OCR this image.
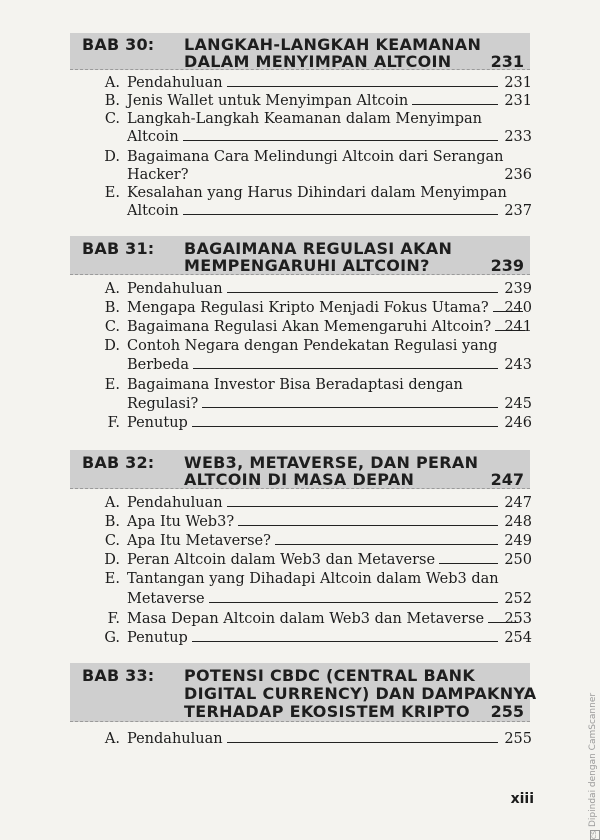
BAB 30: LANGKAH-LANGKAH KEAMANAN
DALAM MENYIMPAN ALTCOIN 231
A. Pendahuluan	231
B. Jenis Wallet untuk Menyimpan Altcoin	231
C. Langkah-Langkah Keamanan dalam Menyimpan
Altcoin	233
D. Bagaimana Cara Melindungi Altcoin dari Serangan
Hacker?	236
E. Kesalahan yang Harus Dihindari dalam Menyimpan
Altcoin	237
BAB 31: BAGAIMANA REGULASI AKAN
MEMPENGARUHI ALTCOIN?	239
A. Pendahuluan	239
B. Mengapa Regulasi Kripto Menjadi Fokus Utama? 240
C. Bagaimana Regulasi Akan Memengaruhi Altcoin? 241
D. Contoh Negara dengan Pendekatan Regulasi yang
Berbeda	243
E. Bagaimana Investor Bisa Beradaptasi dengan
Regulasi?	245
F. Penutup	246
BAB 32: WEB3, METAVERSE, DAN PERAN
ALTCOIN DI MASA DEPAN	247
A. Pendahuluan	247
B. Apa Itu Web3?	248
C. Apa Itu Metaverse?	249
D. Peran Altcoin dalam Web3 dan Metaverse	250
E. Tantangan yang Dihadapi Altcoin dalam Web3 dan
Metaverse	252
F. Masa Depan Altcoin dalam Web3 dan Metaverse 253
G. Penutup	254
BAB 33: POTENSI CBDC (CENTRAL BANK
DIGITAL CURRENCY) DAN DAMPAKNYA
TERHADAP EKOSISTEM KRIPTO 255
A. Pendahuluan	255
xiii
CSDipindai dengan CamScanner
